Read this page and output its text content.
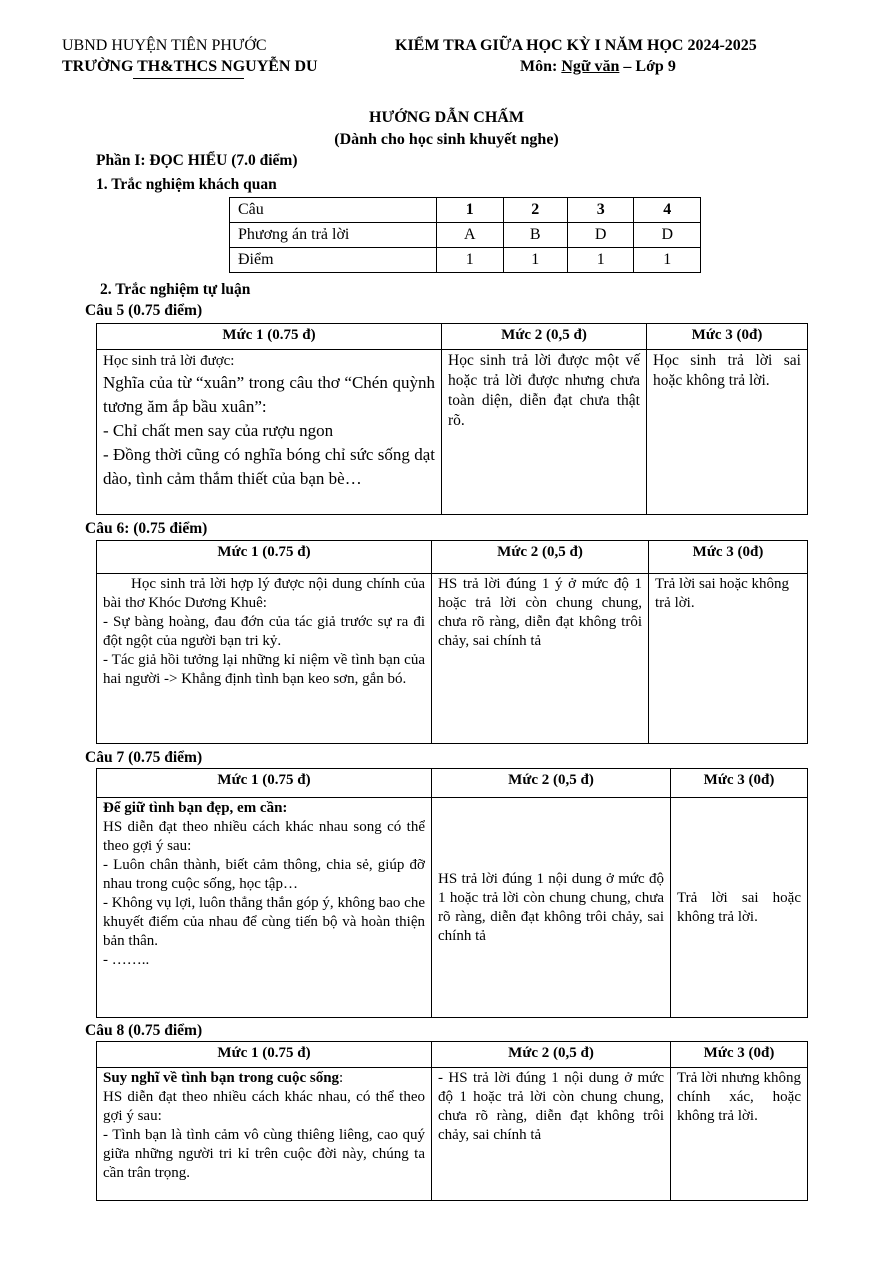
UBND HUYỆN TIÊN PHƯỚC
TRƯỜNG TH&THCS NGUYỄN DU
KIỂM TRA GIỮA HỌC KỲ I NĂM HỌC 2024-2025
Môn: Ngữ văn – Lớp 9
HƯỚNG DẪN CHẤM
(Dành cho học sinh khuyết nghe)
Phần I: ĐỌC HIỂU (7.0 điểm)
1. Trắc nghiệm khách quan
Câu	1	2	3	4
Phương án trả lời	A	B	D	D
Điểm	1	1	1	1
2. Trắc nghiệm tự luận
Câu 5 (0.75 điểm)
Mức 1 (0.75 đ)	Mức 2 (0,5 đ)	Mức 3 (0đ)

Học sinh trả lời được:

Nghĩa của từ “xuân” trong câu thơ “Chén quỳnh tương ăm ắp bầu xuân”:

- Chỉ chất men say của rượu ngon

- Đồng thời cũng có nghĩa bóng chỉ sức sống dạt dào, tình cảm thắm thiết của bạn bè…	Học sinh trả lời được một vế hoặc trả lời được nhưng chưa toàn diện, diễn đạt chưa thật rõ.	Học sinh trả lời sai hoặc không trả lời.
Câu 6: (0.75 điểm)
Mức 1 (0.75 đ)	Mức 2 (0,5 đ)	Mức 3 (0đ)

Học sinh trả lời hợp lý được nội dung chính của bài thơ Khóc Dương Khuê:

- Sự bàng hoàng, đau đớn của tác giả trước sự ra đi đột ngột của người bạn tri kỷ.

- Tác giả hồi tưởng lại những kỉ niệm về tình bạn của hai người -> Khẳng định tình bạn keo sơn, gắn bó.	HS trả lời đúng 1 ý ở mức độ 1 hoặc trả lời còn chung chung, chưa rõ ràng, diễn đạt không trôi chảy, sai chính tả	Trả lời sai hoặc không trả lời.
Câu 7 (0.75 điểm)
Mức 1 (0.75 đ)	Mức 2 (0,5 đ)	Mức 3 (0đ)

Để giữ tình bạn đẹp, em cần:

HS diễn đạt theo nhiều cách khác nhau song có thể theo gợi ý sau:

- Luôn chân thành, biết cảm thông, chia sẻ, giúp đỡ nhau trong cuộc sống, học tập…

- Không vụ lợi, luôn thẳng thắn góp ý, không bao che khuyết điểm của nhau để cùng tiến bộ và hoàn thiện bản thân.

- ……..	HS trả lời đúng 1 nội dung ở mức độ 1 hoặc trả lời còn chung chung, chưa rõ ràng, diễn đạt không trôi chảy, sai chính tả	Trả lời sai hoặc không trả lời.
Câu 8 (0.75 điểm)
Mức 1 (0.75 đ)	Mức 2 (0,5 đ)	Mức 3 (0đ)

Suy nghĩ về tình bạn trong cuộc sống:

HS diễn đạt theo nhiều cách khác nhau, có thể theo gợi ý sau:

- Tình bạn là tình cảm vô cùng thiêng liêng, cao quý giữa những người tri kỉ trên cuộc đời này, chúng ta cần trân trọng.	- HS trả lời đúng 1 nội dung ở mức độ 1 hoặc trả lời còn chung chung, chưa rõ ràng, diễn đạt không trôi chảy, sai chính tả	Trả lời nhưng không chính xác, hoặc không trả lời.
